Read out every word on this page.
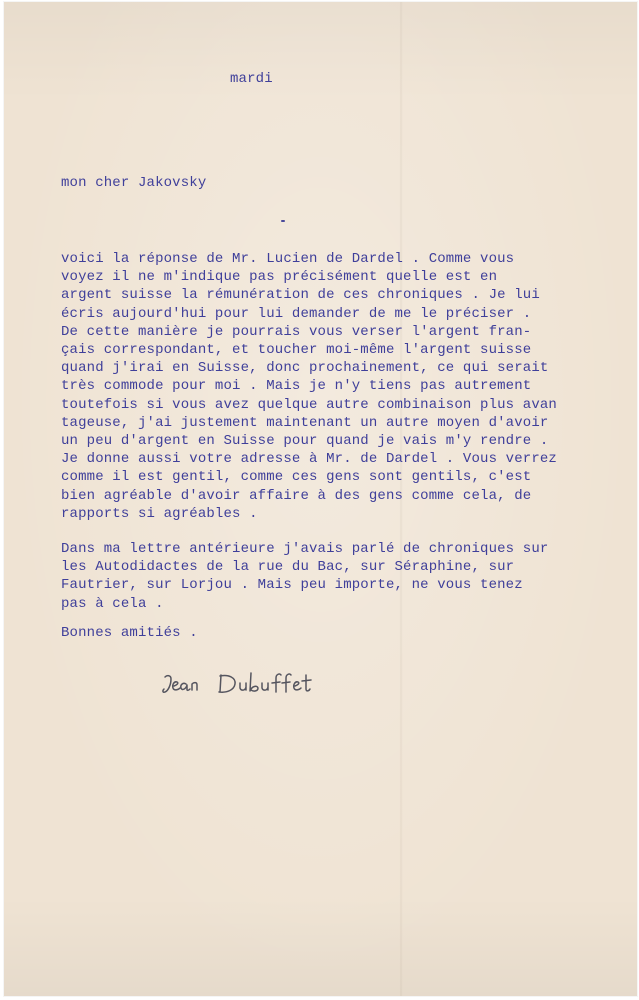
mardi
mon cher Jakovsky
voici la réponse de Mr. Lucien de Dardel . Comme vous
voyez il ne m'indique pas précisément quelle est en
argent suisse la rémunération de ces chroniques . Je lui
écris aujourd'hui pour lui demander de me le préciser .
De cette manière je pourrais vous verser l'argent fran-
çais correspondant, et toucher moi-même l'argent suisse
quand j'irai en Suisse, donc prochainement, ce qui serait
très commode pour moi . Mais je n'y tiens pas autrement
toutefois si vous avez quelque autre combinaison plus avan
tageuse, j'ai justement maintenant un autre moyen d'avoir
un peu d'argent en Suisse pour quand je vais m'y rendre .
Je donne aussi votre adresse à Mr. de Dardel . Vous verrez
comme il est gentil, comme ces gens sont gentils, c'est
bien agréable d'avoir affaire à des gens comme cela, de
rapports si agréables .
Dans ma lettre antérieure j'avais parlé de chroniques sur
les Autodidactes de la rue du Bac, sur Séraphine, sur
Fautrier, sur Lorjou . Mais peu importe, ne vous tenez
pas à cela .
Bonnes amitiés .
